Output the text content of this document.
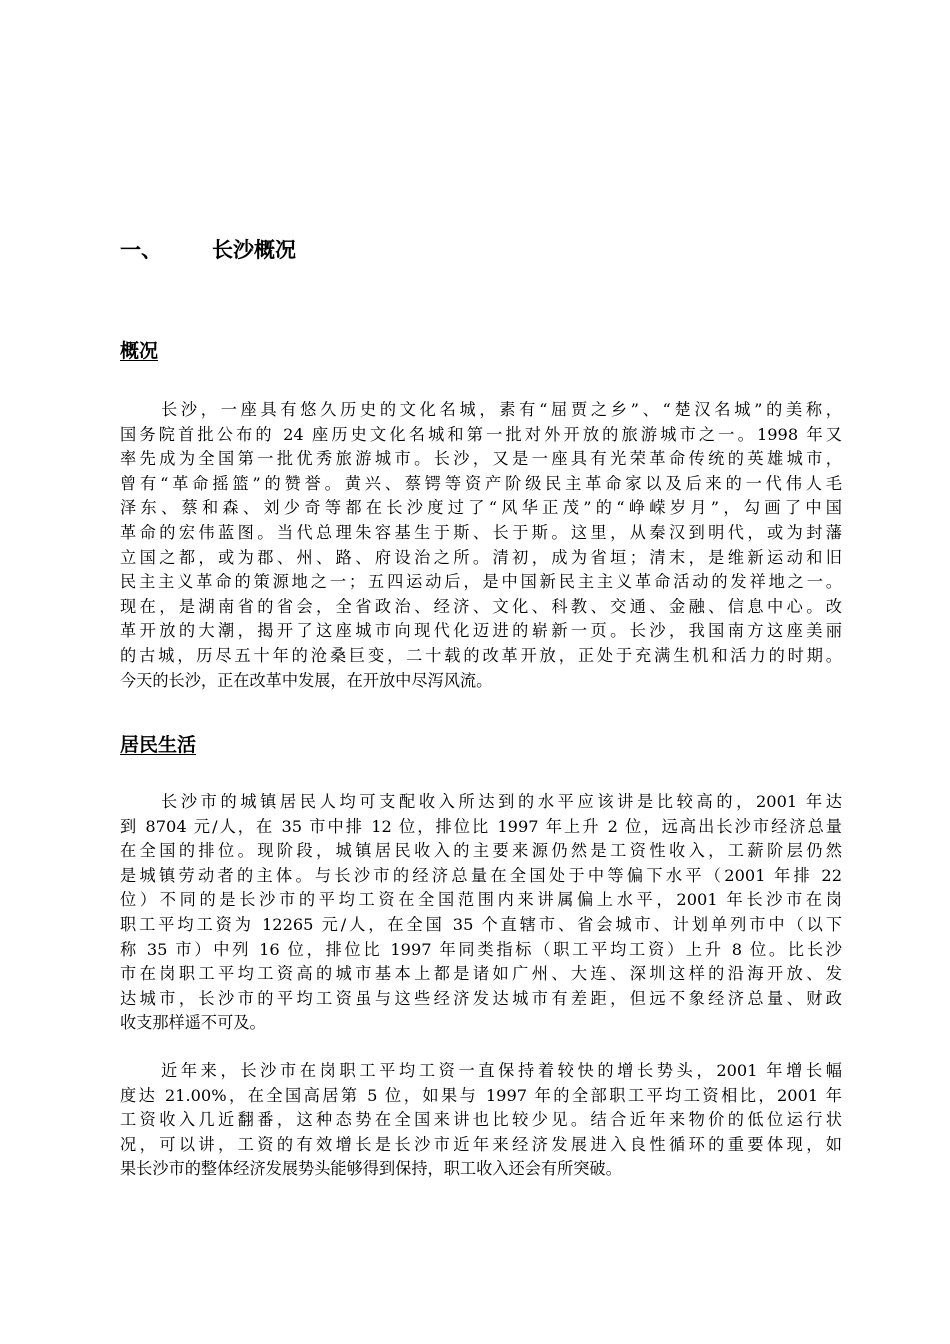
一、 长沙概况
概况
长沙，一座具有悠久历史的文化名城，素有“屈贾之乡”、“楚汉名城”的美称，
国务院首批公布的 24 座历史文化名城和第一批对外开放的旅游城市之一。1998 年又
率先成为全国第一批优秀旅游城市。长沙，又是一座具有光荣革命传统的英雄城市，
曾有“革命摇篮”的赞誉。黄兴、蔡锷等资产阶级民主革命家以及后来的一代伟人毛
泽东、蔡和森、刘少奇等都在长沙度过了“风华正茂”的“峥嵘岁月”，勾画了中国
革命的宏伟蓝图。当代总理朱容基生于斯、长于斯。这里，从秦汉到明代，或为封藩
立国之都，或为郡、州、路、府设治之所。清初，成为省垣；清末，是维新运动和旧
民主主义革命的策源地之一；五四运动后，是中国新民主主义革命活动的发祥地之一。
现在，是湖南省的省会，全省政治、经济、文化、科教、交通、金融、信息中心。改
革开放的大潮，揭开了这座城市向现代化迈进的崭新一页。长沙，我国南方这座美丽
的古城，历尽五十年的沧桑巨变，二十载的改革开放，正处于充满生机和活力的时期。
今天的长沙，正在改革中发展，在开放中尽泻风流。
居民生活
长沙市的城镇居民人均可支配收入所达到的水平应该讲是比较高的，2001 年达
到 8704 元/人，在 35 市中排 12 位，排位比 1997 年上升 2 位，远高出长沙市经济总量
在全国的排位。现阶段，城镇居民收入的主要来源仍然是工资性收入，工薪阶层仍然
是城镇劳动者的主体。与长沙市的经济总量在全国处于中等偏下水平（2001 年排 22
位）不同的是长沙市的平均工资在全国范围内来讲属偏上水平，2001 年长沙市在岗
职工平均工资为 12265 元/人，在全国 35 个直辖市、省会城市、计划单列市中（以下
称 35 市）中列 16 位，排位比 1997 年同类指标（职工平均工资）上升 8 位。比长沙
市在岗职工平均工资高的城市基本上都是诸如广州、大连、深圳这样的沿海开放、发
达城市，长沙市的平均工资虽与这些经济发达城市有差距，但远不象经济总量、财政
收支那样遥不可及。
近年来，长沙市在岗职工平均工资一直保持着较快的增长势头，2001 年增长幅
度达 21.00%，在全国高居第 5 位，如果与 1997 年的全部职工平均工资相比，2001 年
工资收入几近翻番，这种态势在全国来讲也比较少见。结合近年来物价的低位运行状
况，可以讲，工资的有效增长是长沙市近年来经济发展进入良性循环的重要体现，如
果长沙市的整体经济发展势头能够得到保持，职工收入还会有所突破。
